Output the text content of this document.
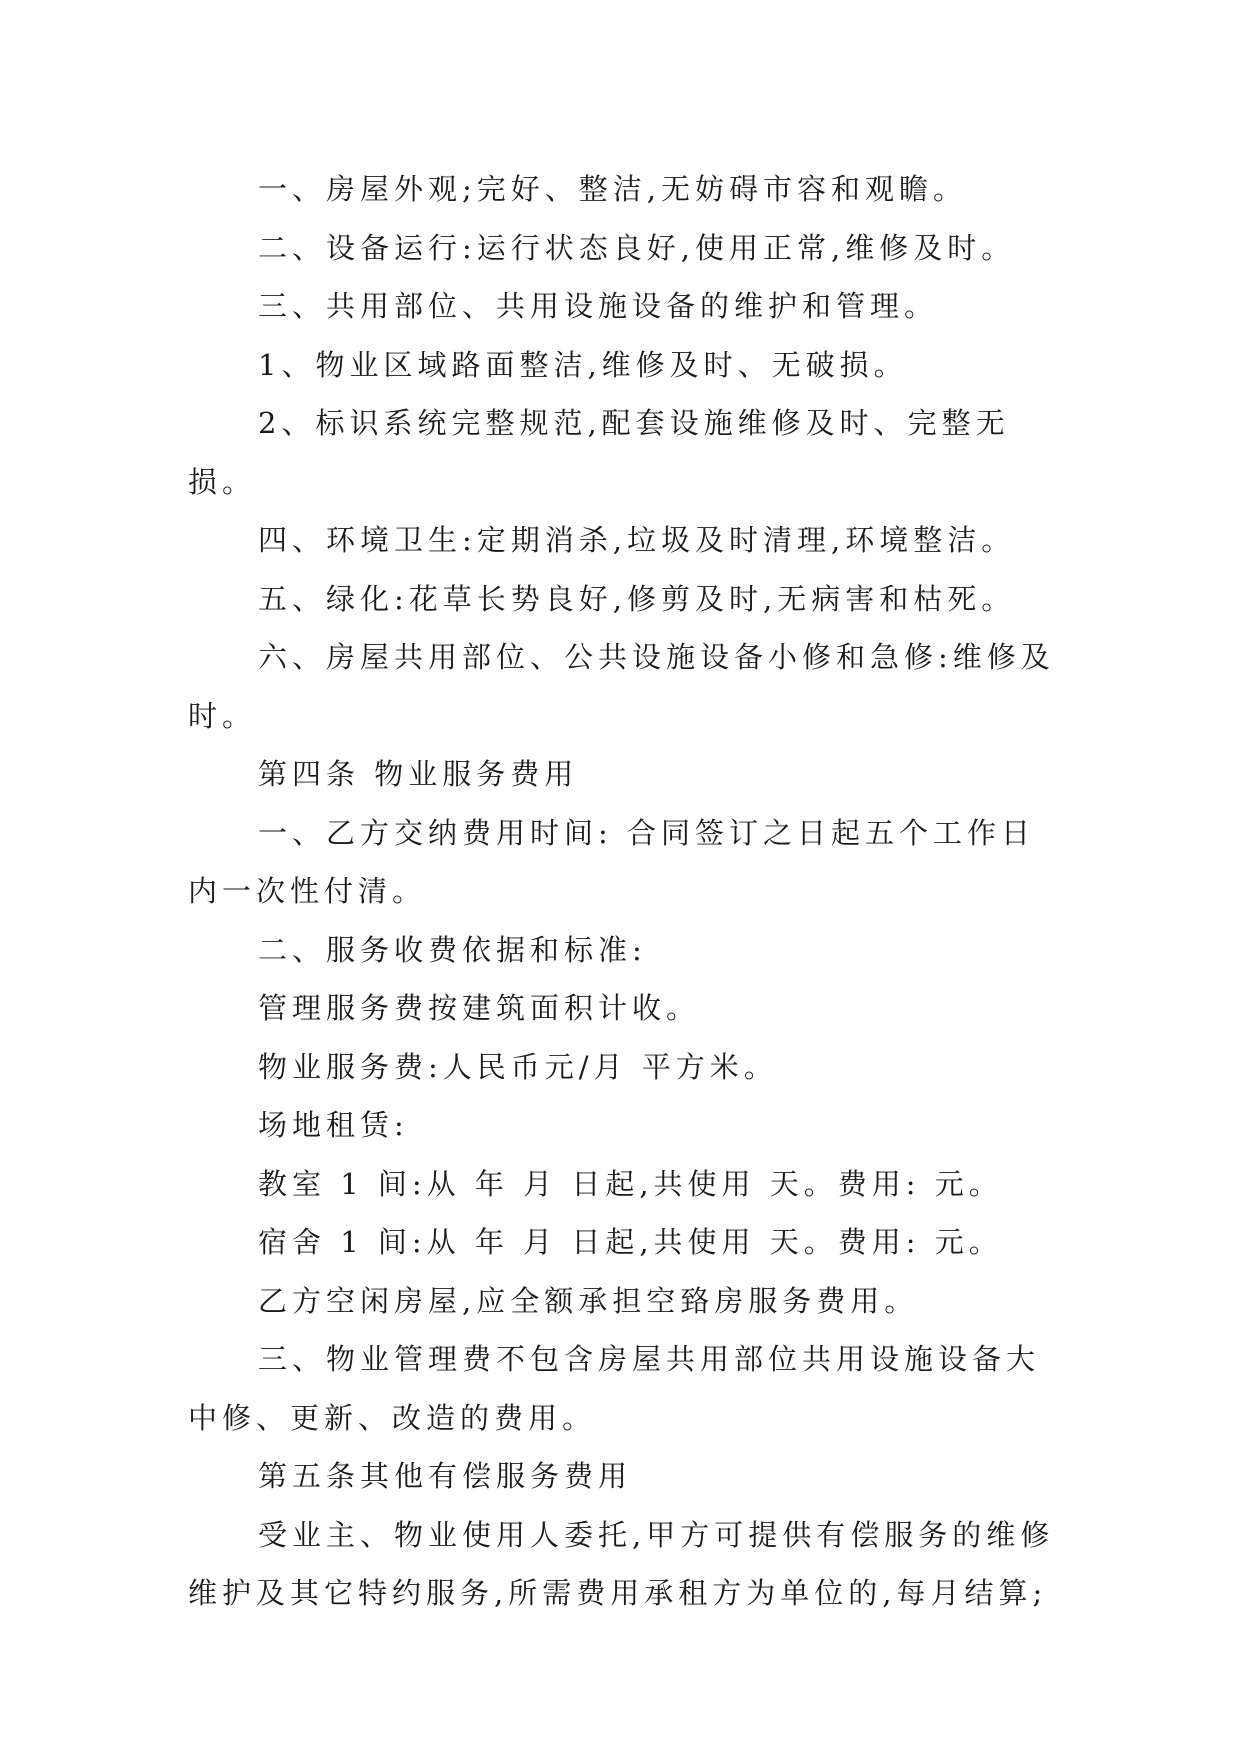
一、房屋外观;完好、整洁,无妨碍市容和观瞻。

二、设备运行:运行状态良好,使用正常,维修及时。

三、共用部位、共用设施设备的维护和管理。

1、物业区域路面整洁,维修及时、无破损。

2、标识系统完整规范,配套设施维修及时、完整无损。

四、环境卫生:定期消杀,垃圾及时清理,环境整洁。

五、绿化:花草长势良好,修剪及时,无病害和枯死。

六、房屋共用部位、公共设施设备小修和急修:维修及时。

第四条 物业服务费用

一、乙方交纳费用时间: 合同签订之日起五个工作日内一次性付清。

二、服务收费依据和标准:

管理服务费按建筑面积计收。

物业服务费:人民币元/月 平方米。

场地租赁:

教室 1 间:从 年 月 日起,共使用 天。费用: 元。

宿舍 1 间:从 年 月 日起,共使用 天。费用: 元。

乙方空闲房屋,应全额承担空臵房服务费用。

三、物业管理费不包含房屋共用部位共用设施设备大中修、更新、改造的费用。

第五条其他有偿服务费用

受业主、物业使用人委托,甲方可提供有偿服务的维修维护及其它特约服务,所需费用承租方为单位的,每月结算;
